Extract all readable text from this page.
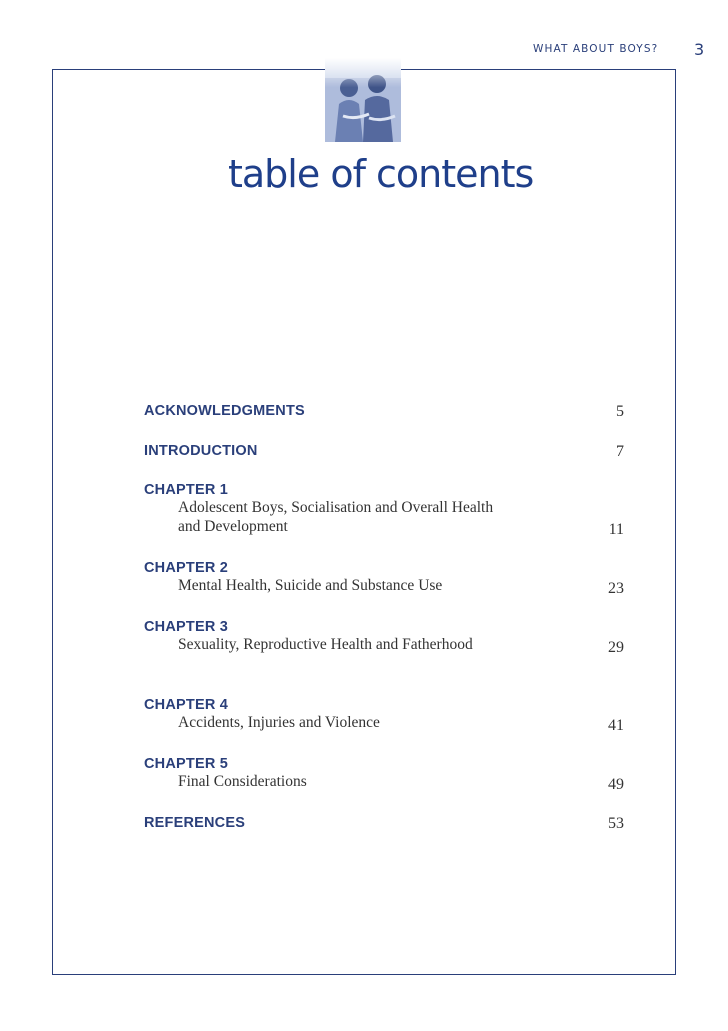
WHAT ABOUT BOYS? 3
table of contents
ACKNOWLEDGMENTS	5
INTRODUCTION	7
CHAPTER 1
Adolescent Boys, Socialisation and Overall Health
and Development	11
CHAPTER 2
Mental Health, Suicide and Substance Use	23
CHAPTER 3
Sexuality, Reproductive Health and Fatherhood	29
CHAPTER 4
Accidents, Injuries and Violence	41
CHAPTER 5
Final Considerations	49
REFERENCES	53
